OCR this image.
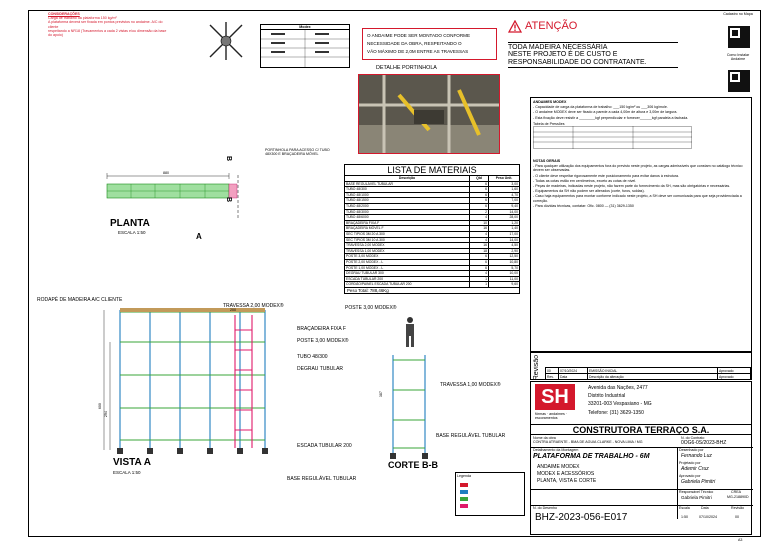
CONSIDERAÇÕES
Carga de trabalho da plataforma 150 kg/m²
A plataforma deverá ser fixada em pontos previstos no andaime. A/C do cliente
respeitando a NR18 (Travamentos a cada 2 vistas e/ou dimensão da base do apoio)
Modex
O ANDAIME PODE SER MONTADO CONFORME
NECESSIDADE DA OBRA, RESPEITANDO O
VÃO MÁXIMO DE 2,0M ENTRE AS TRAVESSAS
DETALHE PORTINHOLA
ATENÇÃO
TODA MADEIRA NECESSÁRIA
NESTE PROJETO É DE CUSTO E
RESPONSABILIDADE DO CONTRATANTE.
Cadastro no Mapa
Como Instalar Andaime
880
PLANTA
ESCALA 1:50
PORTINHOLA PARA ACESSO C/ TUBO 48X300 E BRAÇADEIRA MÓVEL
A
B
B
LISTA DE MATERIAIS
Descrição	Qtd	Peso Unit.
BASE REGULÁVEL TUBULAR	6	3,00
TUBO 48/300	6	1,60
TUBO 48/1000	6	4,70
TUBO 48/1500	6	7,00
TUBO 48/2000	6	9,40
TUBO 48/3000	2	14,00
TUBO 48/6000	4	28,00
BRAÇADEIRA FIXA F	10	1,20
BRAÇADEIRA MÓVEL F	16	1,40
SEC TIPIOS 3M 20 A 300	4	17,00
SEC TIPIOS 3M 10 A 300	4	14,00
TRAVESSA 2,00 MODEX	16	4,50
TRAVESSA 1,00 MODEX	18	2,90
POSTE 3,00 MODEX	6	12,50
POSTE 2,00 MODEX - L	6	10,80
POSTE 1,00 MODEX - L	6	5,70
DEGRAU TUBULAR 300	4	10,00
ESCADA TUBULAR 200	1	11,00
CORDÃO/PAINEL ESCADA TUBULAR 200	1	9,60
Peso Total: 788,46Kg
600
294
200
RODAPÉ DE MADEIRA A/C CLIENTE
TRAVESSA 2,00 MODEX®
BRAÇADEIRA FIXA F
POSTE 3,00 MODEX®
TUBO 48/300
DEGRAU TUBULAR
ESCADA TUBULAR 200
BASE REGULÁVEL TUBULAR
VISTA A
ESCALA 1:50
387
POSTE 3,00 MODEX®
TRAVESSA 1,00 MODEX®
BASE REGULÁVEL TUBULAR
CORTE B-B
ANDAIMES MODEX
- Capacidade de carga da plataforma de trabalho: ___150 kg/m² ou ___306 kg/mole.
- O andaime MODEX deve ser fixado a parede a cada 4,00m de altura e 3,00m de largura.
- Esta fixação deve resistir a ________kgf perpendicular e fornecer______kgf paralela a fachada.
Tabela de Pressões
NOTAS GERAIS
- Para qualquer utilização dos equipamentos fora do previsto neste projeto, as cargas admissíveis que constam no catálogo técnico devem ser observadas.
- O cliente deve respeitar rigorosamente este posicionamento para evitar danos à estrutura.
- Todas as cotas estão em centímetros, exceto as cotas de nível.
- Peças de madeiras, indicadas neste projeto, não fazem parte do fornecimento da SH, mas são obrigatórias e necessárias.
- Equipamentos da SH não podem ser alterados (corte, furos, soldas).
- Caso haja equipamentos para montar conforme indicado neste projeto, a SH deve ser comunicada para que seja providenciada a correção.
- Para dúvidas técnicas, contatar: Ofic. 0800 — (31) 3629-1350
Revisão 00	07/10/2024	EMISSÃO INICIAL	Aprovado
Rev.	Data	Descrição da alteração	Aprovado
SH
fôrmas · andaimes · escoramentos
Avenida das Nações, 2477
Distrito Industrial
33201-003 Vespasiano - MG
Telefone: (31) 3629-1350
CONSTRUTORA TERRAÇO S.A.
Nome da obra
CONTRA ATRAENTE - BMA DE AGUIA CLARKE - NOVA LIMA / MG
N. do Contrato
0OG6-0S/2023-BHZ
Detalhamento da Montagem
PLATAFORMA DE TRABALHO - 6M
ANDAIME MODEX
MODEX E ACESSÓRIOS
PLANTA, VISTA E CORTE
Desenhado por
Fernando Luz
Projetado por
Ademir Cruz
Aprovado por
Gabriela Pimitri
Responsável Técnico
Gabriela Pimitri
CREA
MG-218890D
N. do Desenho
BHZ-2023-056-E017
Escala
1:50
Data
07/10/2024
Revisão
00
Legenda
A3
